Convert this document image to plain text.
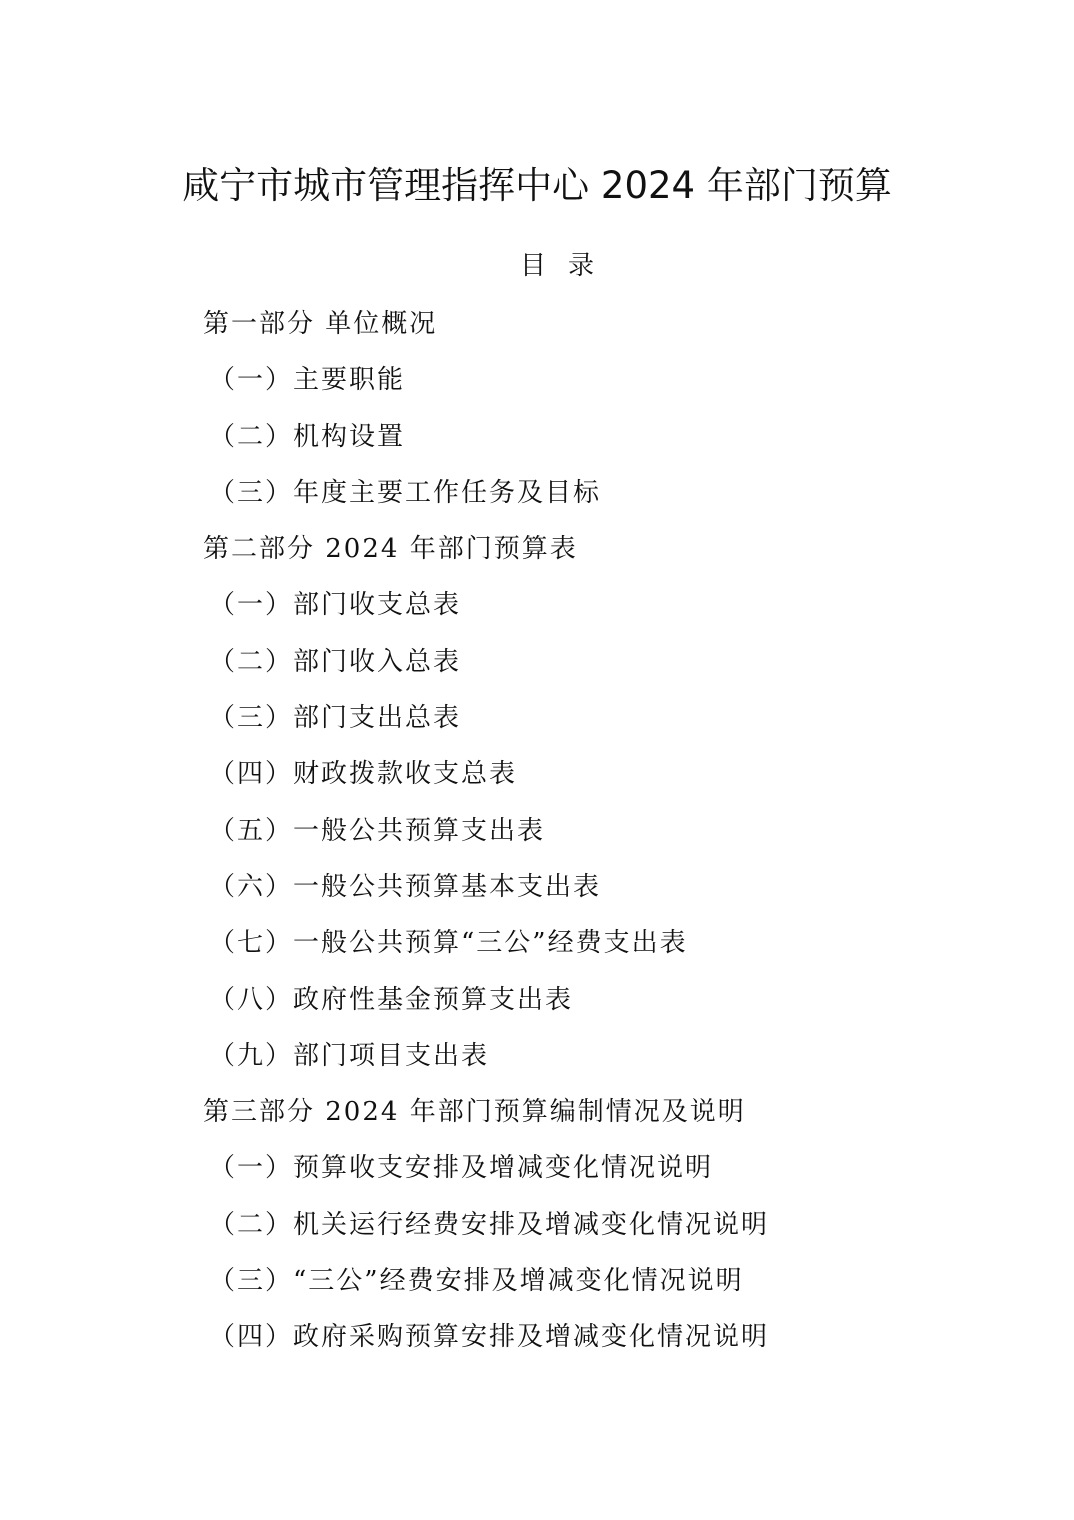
咸宁市城市管理指挥中心 2024 年部门预算
目 录
第一部分 单位概况
（一）主要职能
（二）机构设置
（三）年度主要工作任务及目标
第二部分 2024 年部门预算表
（一）部门收支总表
（二）部门收入总表
（三）部门支出总表
（四）财政拨款收支总表
（五）一般公共预算支出表
（六）一般公共预算基本支出表
（七）一般公共预算“三公”经费支出表
（八）政府性基金预算支出表
（九）部门项目支出表
第三部分 2024 年部门预算编制情况及说明
（一）预算收支安排及增减变化情况说明
（二）机关运行经费安排及增减变化情况说明
（三）“三公”经费安排及增减变化情况说明
（四）政府采购预算安排及增减变化情况说明
